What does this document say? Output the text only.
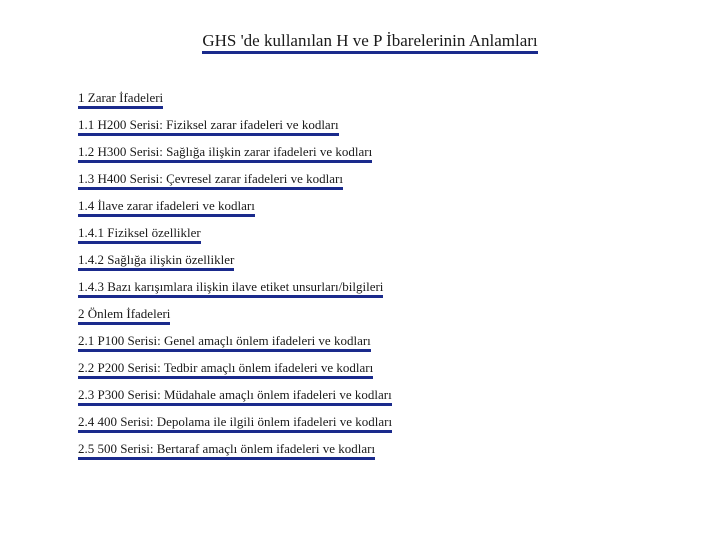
GHS 'de kullanılan H ve P İbarelerinin Anlamları
1 Zarar İfadeleri
1.1 H200 Serisi: Fiziksel zarar ifadeleri ve kodları
1.2 H300 Serisi: Sağlığa ilişkin zarar ifadeleri ve kodları
1.3 H400 Serisi: Çevresel zarar ifadeleri ve kodları
1.4 İlave zarar ifadeleri ve kodları
1.4.1 Fiziksel özellikler
1.4.2 Sağlığa ilişkin özellikler
1.4.3 Bazı karışımlara ilişkin ilave etiket unsurları/bilgileri
2 Önlem İfadeleri
2.1 P100 Serisi: Genel amaçlı önlem ifadeleri ve kodları
2.2 P200 Serisi: Tedbir amaçlı önlem ifadeleri ve kodları
2.3 P300 Serisi: Müdahale amaçlı önlem ifadeleri ve kodları
2.4 400 Serisi: Depolama ile ilgili önlem ifadeleri ve kodları
2.5 500 Serisi: Bertaraf amaçlı önlem ifadeleri ve kodları
